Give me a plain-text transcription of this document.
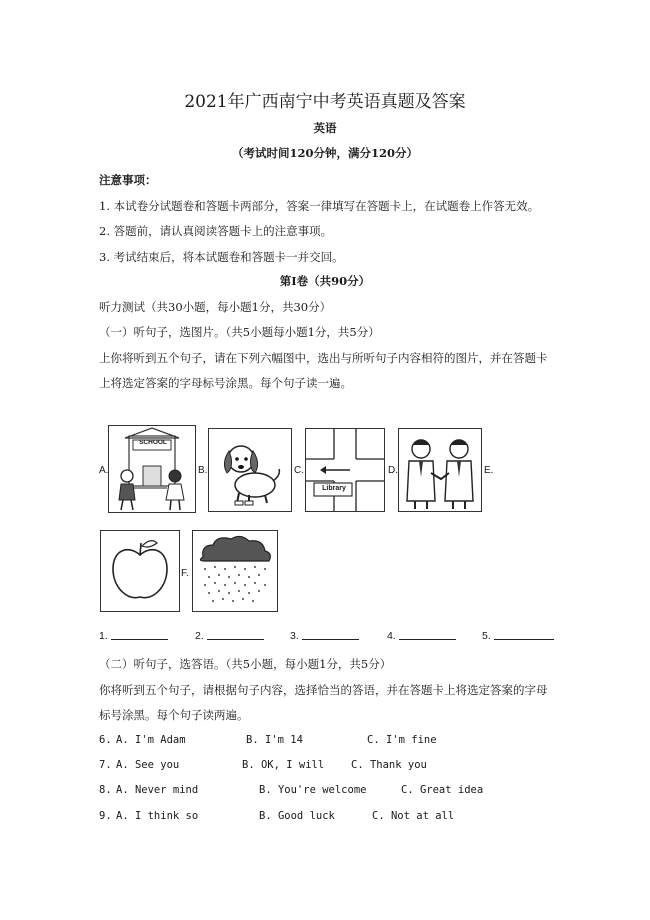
2021年广西南宁中考英语真题及答案
英语
（考试时间120分钟，满分120分）
注意事项：
1. 本试卷分试题卷和答题卡两部分，答案一律填写在答题卡上，在试题卷上作答无效。
2. 答题前，请认真阅读答题卡上的注意事项。
3. 考试结束后，将本试题卷和答题卡一并交回。
第Ⅰ卷（共90分）
听力测试（共30小题，每小题1分，共30分）
（一）听句子，选图片。（共5小题每小题1分，共5分）
上你将听到五个句子，请在下列六幅图中，选出与所听句子内容相符的图片，并在答题卡
上将选定答案的字母标号涂黑。每个句子读一遍。
A.
SCHOOL
B.	C.
Library
D.	E.
F.
1.	2.	3.	4.	5.
（二）听句子，选答语。（共5小题，每小题1分，共5分）
你将听到五个句子，请根据句子内容，选择恰当的答语，并在答题卡上将选定答案的字母
标号涂黑。每个句子读两遍。
6. A. I'm Adam	B. I'm 14	C. I'm fine
7. A. See you	B. OK, I will	C. Thank you
8. A. Never mind	B. You're welcome	C. Great idea
9. A. I think so	B. Good luck	C. Not at all
